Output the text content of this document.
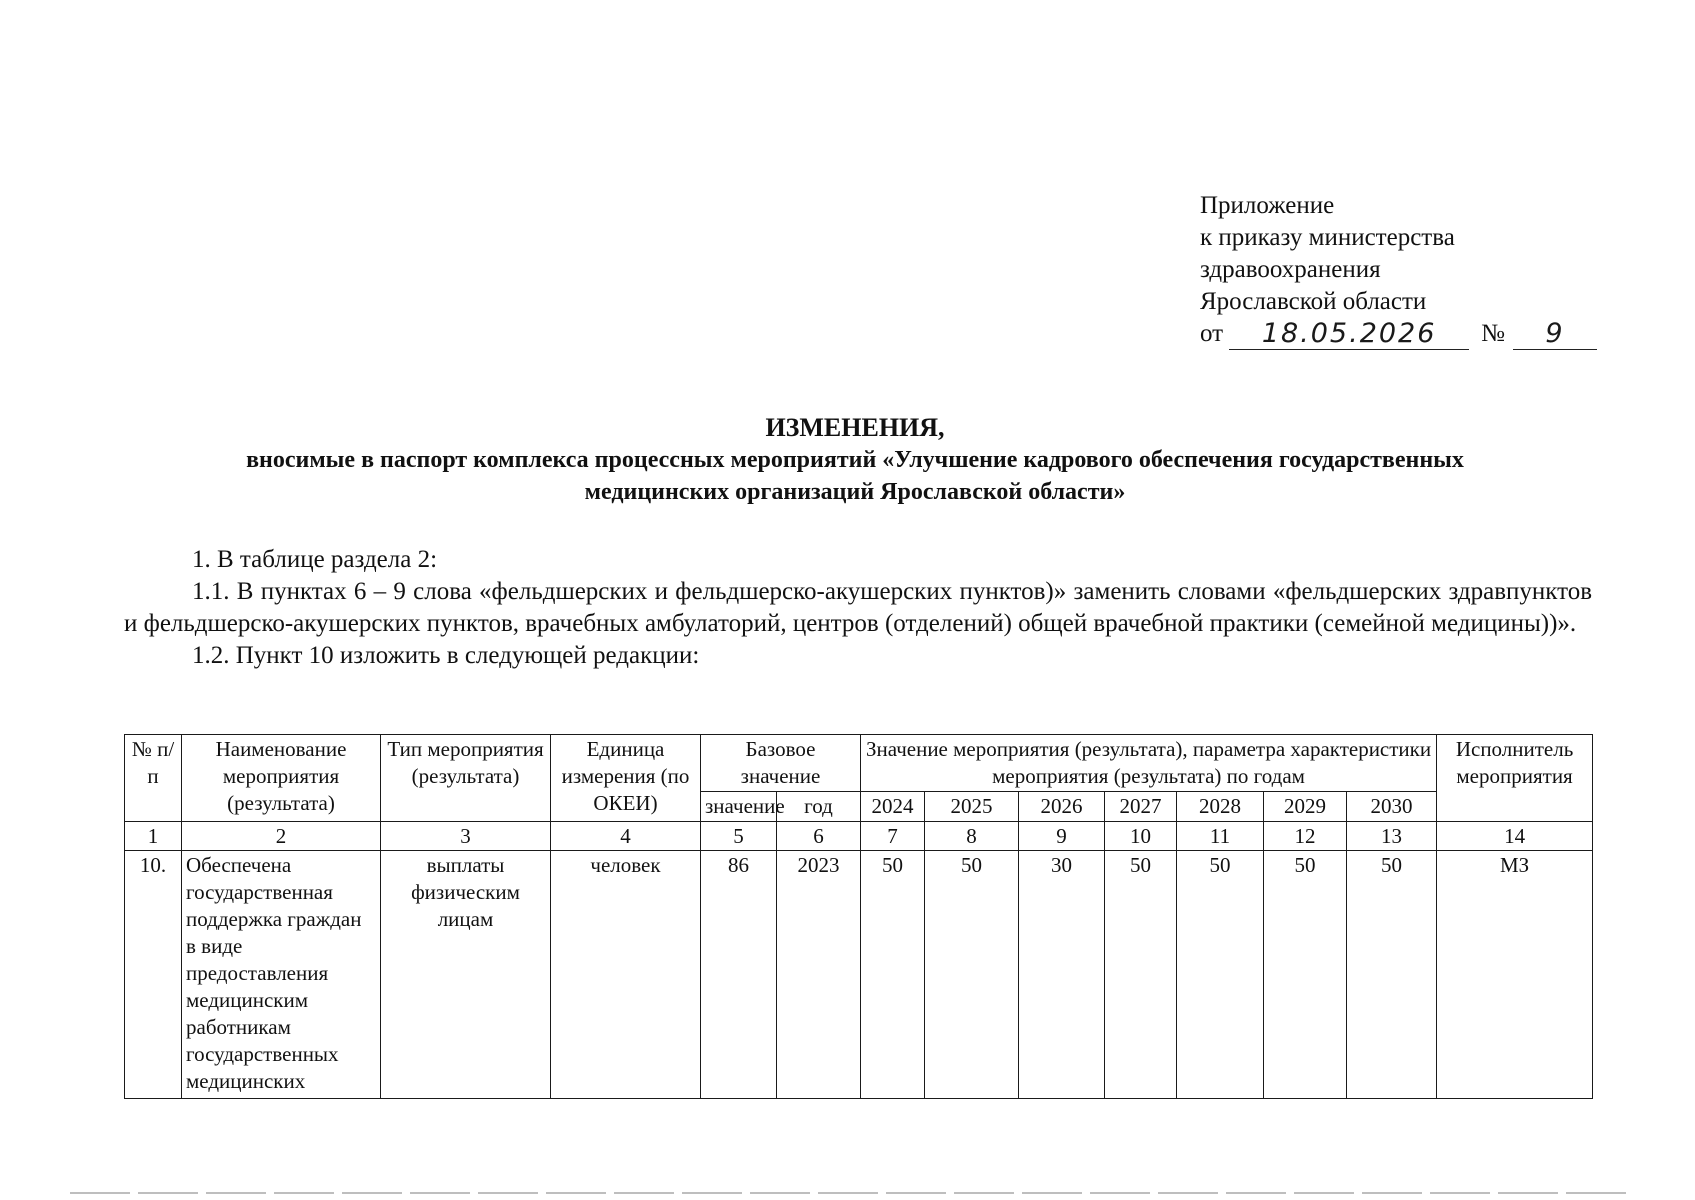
Приложение
к приказу министерства
здравоохранения
Ярославской области
от	18.05.2026	№	9
ИЗМЕНЕНИЯ,
вносимые в паспорт комплекса процессных мероприятий «Улучшение кадрового обеспечения государственных
медицинских организаций Ярославской области»

1. В таблице раздела 2:

1.1. В пунктах 6 – 9 слова «фельдшерских и фельдшерско-акушерских пунктов)» заменить словами «фельдшерских здравпунктов и фельдшерско-акушерских пунктов, врачебных амбулаторий, центров (отделений) общей врачебной практики (семейной медицины))».

1.2. Пункт 10 изложить в следующей редакции:

№ п/п	Наименование мероприятия (результата)	Тип мероприятия (результата)	Единица измерения (по ОКЕИ)	Базовое значение		Значение мероприятия (результата), параметра характеристики мероприятия (результата) по годам							Исполнитель мероприятия
				значение	год	2024	2025	2026	2027	2028	2029	2030	
1	2	3	4	5	6	7	8	9	10	11	12	13	14
10.	Обеспечена государственная поддержка граждан в виде предоставления медицинским работникам государственных медицинских	выплаты физическим лицам	человек	86	2023	50	50	30	50	50	50	50	МЗ
